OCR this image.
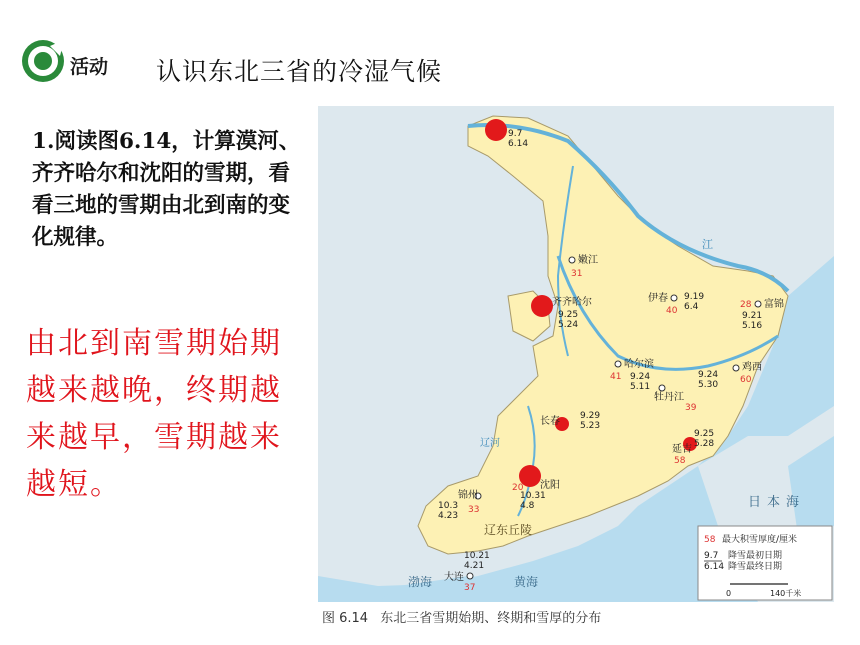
活动 认识东北三省的冷湿气候
1.阅读图6.14，计算漠河、齐齐哈尔和沈阳的雪期，看看三地的雪期由北到南的变化规律。
由北到南雪期始期越来越晚，终期越来越早，雪期越来越短。
9.7
6.14
嫩江
31
齐齐哈尔
9.25
5.24
伊春 9.19
6.4
40
28 富锦
9.21
5.16
哈尔滨
9.24
5.11
41
鸡西
9.24
5.30 60
牡丹江
39
长春 9.29
5.23
延吉
9.25
5.28
58
沈阳
10.31
4.8
20
锦州
10.3
4.23
33
大连
10.21
4.21
37
辽东丘陵
江
辽河
日本海
渤海	黄海
58 最大积雪厚度/厘米
9.7
6.14
降雪最初日期
降雪最终日期
0	140千米
图 6.14 东北三省雪期始期、终期和雪厚的分布
